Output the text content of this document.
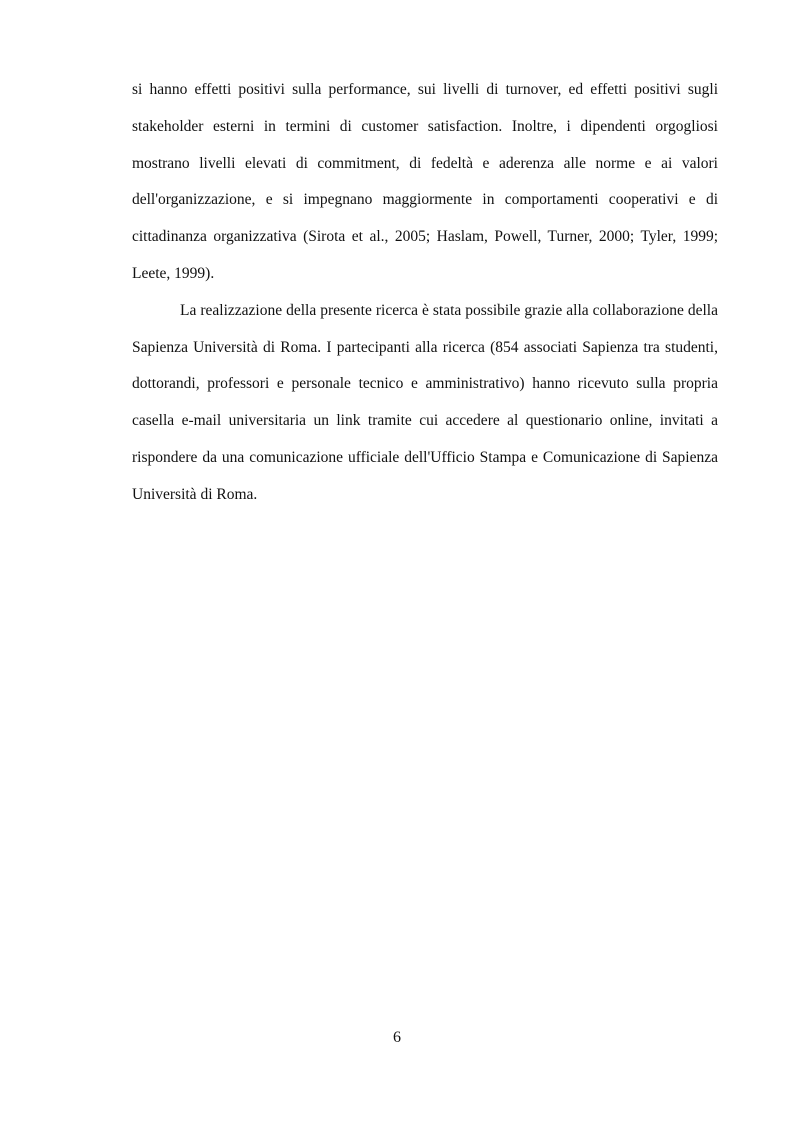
si hanno effetti positivi sulla performance, sui livelli di turnover, ed effetti positivi sugli stakeholder esterni in termini di customer satisfaction. Inoltre, i dipendenti orgogliosi mostrano livelli elevati di commitment, di fedeltà e aderenza alle norme e ai valori dell'organizzazione, e si impegnano maggiormente in comportamenti cooperativi e di cittadinanza organizzativa (Sirota et al., 2005; Haslam, Powell, Turner, 2000; Tyler, 1999; Leete, 1999).

La realizzazione della presente ricerca è stata possibile grazie alla collaborazione della Sapienza Università di Roma. I partecipanti alla ricerca (854 associati Sapienza tra studenti, dottorandi, professori e personale tecnico e amministrativo) hanno ricevuto sulla propria casella e-mail universitaria un link tramite cui accedere al questionario online, invitati a rispondere da una comunicazione ufficiale dell'Ufficio Stampa e Comunicazione di Sapienza Università di Roma.

6
